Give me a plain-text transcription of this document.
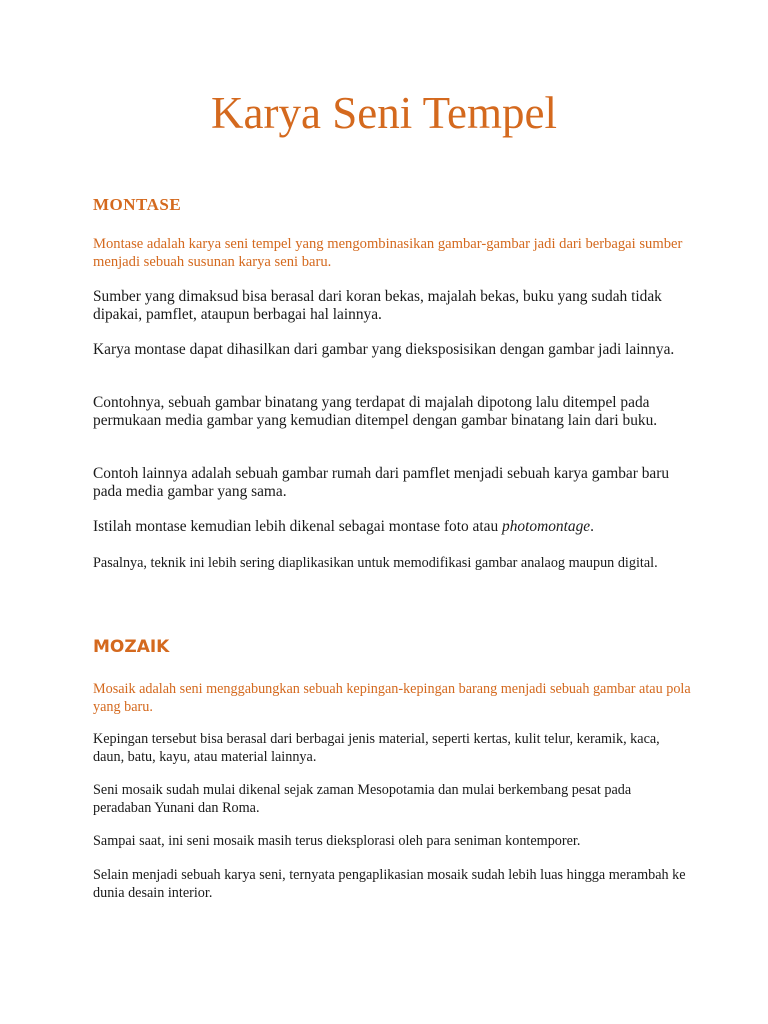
Karya Seni Tempel
MONTASE

Montase adalah karya seni tempel yang mengombinasikan gambar-gambar jadi dari berbagai sumber menjadi sebuah susunan karya seni baru.

Sumber yang dimaksud bisa berasal dari koran bekas, majalah bekas, buku yang sudah tidak dipakai, pamflet, ataupun berbagai hal lainnya.

Karya montase dapat dihasilkan dari gambar yang dieksposisikan dengan gambar jadi lainnya.

Contohnya, sebuah gambar binatang yang terdapat di majalah dipotong lalu ditempel pada permukaan media gambar yang kemudian ditempel dengan gambar binatang lain dari buku.

Contoh lainnya adalah sebuah gambar rumah dari pamflet menjadi sebuah karya gambar baru pada media gambar yang sama.

Istilah montase kemudian lebih dikenal sebagai montase foto atau photomontage.

Pasalnya, teknik ini lebih sering diaplikasikan untuk memodifikasi gambar analaog maupun digital.

MOZAIK

Mosaik adalah seni menggabungkan sebuah kepingan-kepingan barang menjadi sebuah gambar atau pola yang baru.

Kepingan tersebut bisa berasal dari berbagai jenis material, seperti kertas, kulit telur, keramik, kaca, daun, batu, kayu, atau material lainnya.

Seni mosaik sudah mulai dikenal sejak zaman Mesopotamia dan mulai berkembang pesat pada peradaban Yunani dan Roma.

Sampai saat, ini seni mosaik masih terus dieksplorasi oleh para seniman kontemporer.

Selain menjadi sebuah karya seni, ternyata pengaplikasian mosaik sudah lebih luas hingga merambah ke dunia desain interior.
